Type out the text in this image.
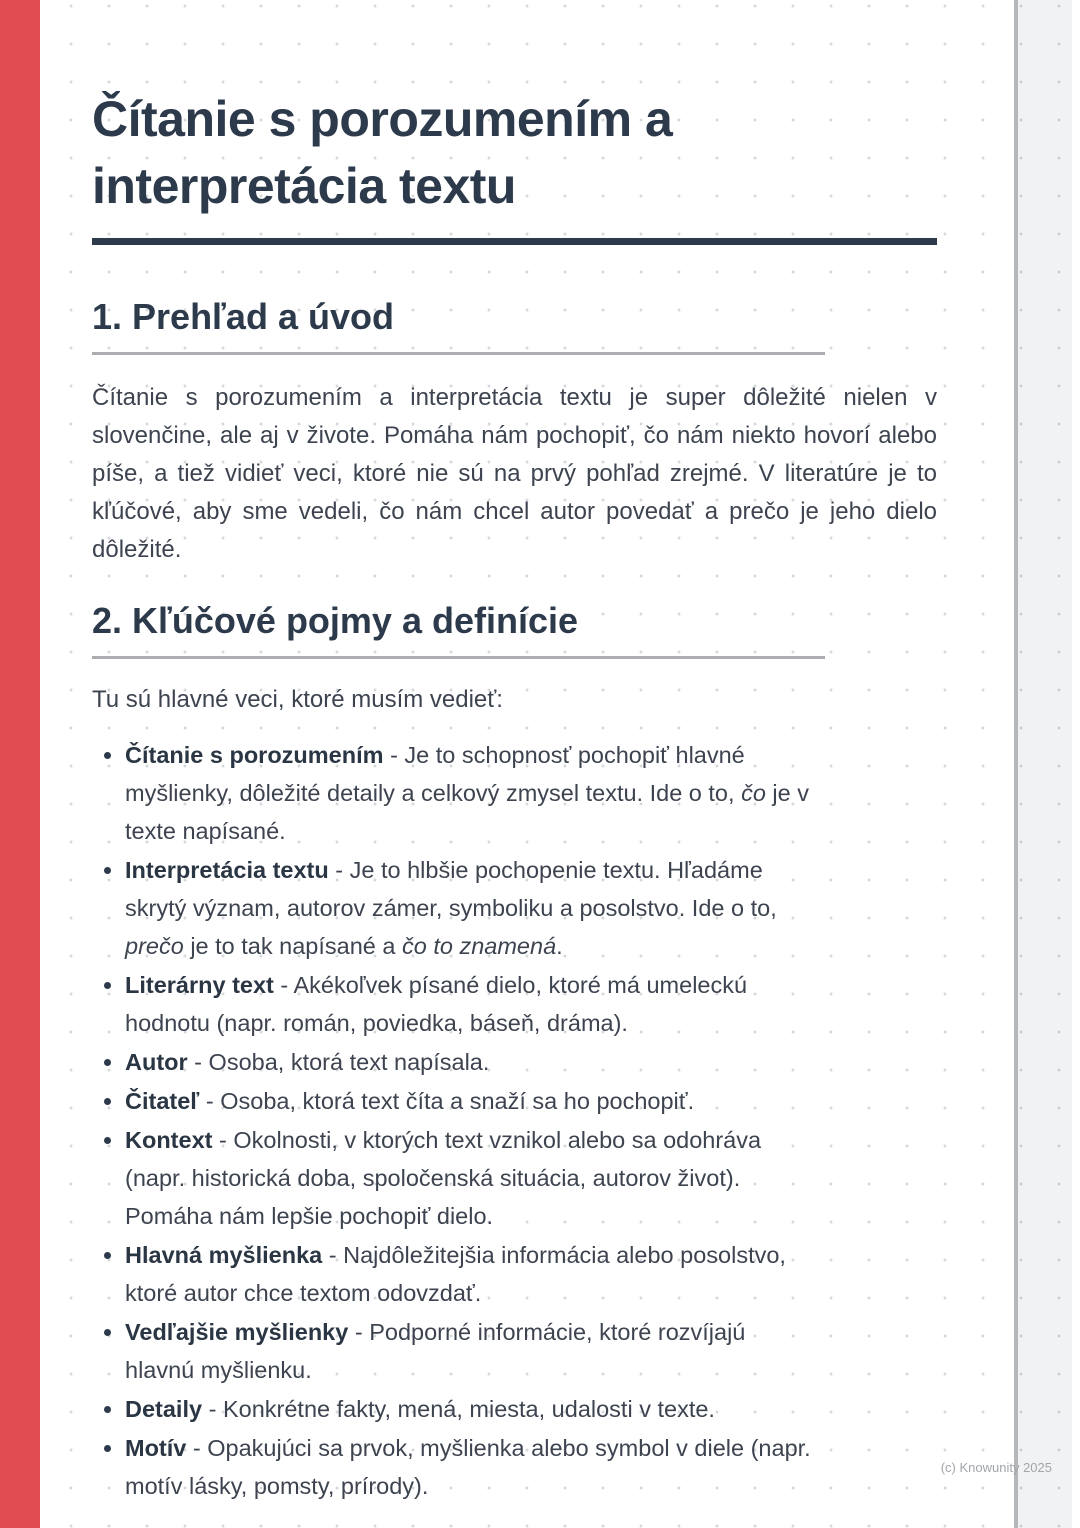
Čítanie s porozumením a interpretácia textu
1. Prehľad a úvod

Čítanie s porozumením a interpretácia textu je super dôležité nielen v slovenčine, ale aj v živote. Pomáha nám pochopiť, čo nám niekto hovorí alebo píše, a tiež vidieť veci, ktoré nie sú na prvý pohľad zrejmé. V literatúre je to kľúčové, aby sme vedeli, čo nám chcel autor povedať a prečo je jeho dielo dôležité.

2. Kľúčové pojmy a definície

Tu sú hlavné veci, ktoré musím vedieť:

Čítanie s porozumením - Je to schopnosť pochopiť hlavné myšlienky, dôležité detaily a celkový zmysel textu. Ide o to, čo je v texte napísané.
Interpretácia textu - Je to hlbšie pochopenie textu. Hľadáme skrytý význam, autorov zámer, symboliku a posolstvo. Ide o to, prečo je to tak napísané a čo to znamená.
Literárny text - Akékoľvek písané dielo, ktoré má umeleckú hodnotu (napr. román, poviedka, báseň, dráma).
Autor - Osoba, ktorá text napísala.
Čitateľ - Osoba, ktorá text číta a snaží sa ho pochopiť.
Kontext - Okolnosti, v ktorých text vznikol alebo sa odohráva (napr. historická doba, spoločenská situácia, autorov život). Pomáha nám lepšie pochopiť dielo.
Hlavná myšlienka - Najdôležitejšia informácia alebo posolstvo, ktoré autor chce textom odovzdať.
Vedľajšie myšlienky - Podporné informácie, ktoré rozvíjajú hlavnú myšlienku.
Detaily - Konkrétne fakty, mená, miesta, udalosti v texte.
Motív - Opakujúci sa prvok, myšlienka alebo symbol v diele (napr. motív lásky, pomsty, prírody).
(c) Knowunity 2025
